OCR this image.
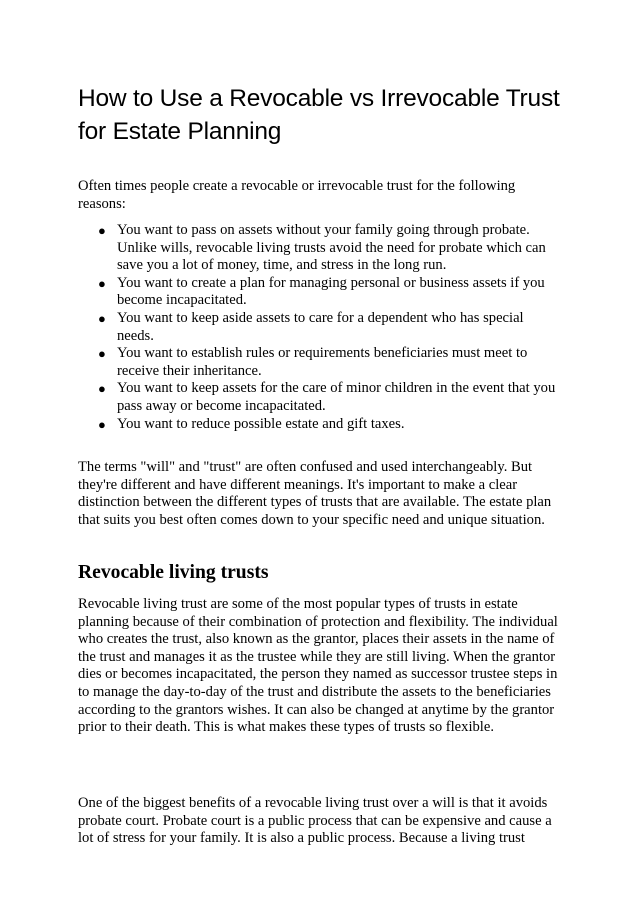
How to Use a Revocable vs Irrevocable Trust for Estate Planning

Often times people create a revocable or irrevocable trust for the following reasons:

● You want to pass on assets without your family going through probate. Unlike wills, revocable living trusts avoid the need for probate which can save you a lot of money, time, and stress in the long run.
● You want to create a plan for managing personal or business assets if you become incapacitated.
● You want to keep aside assets to care for a dependent who has special needs.
● You want to establish rules or requirements beneficiaries must meet to receive their inheritance.
● You want to keep assets for the care of minor children in the event that you pass away or become incapacitated.
● You want to reduce possible estate and gift taxes.

The terms "will" and "trust" are often confused and used interchangeably. But they're different and have different meanings. It's important to make a clear distinction between the different types of trusts that are available. The estate plan that suits you best often comes down to your specific need and unique situation.

Revocable living trusts

Revocable living trust are some of the most popular types of trusts in estate planning because of their combination of protection and flexibility. The individual who creates the trust, also known as the grantor, places their assets in the name of the trust and manages it as the trustee while they are still living. When the grantor dies or becomes incapacitated, the person they named as successor trustee steps in to manage the day-to-day of the trust and distribute the assets to the beneficiaries according to the grantors wishes. It can also be changed at anytime by the grantor prior to their death. This is what makes these types of trusts so flexible.

One of the biggest benefits of a revocable living trust over a will is that it avoids probate court. Probate court is a public process that can be expensive and cause a lot of stress for your family. It is also a public process. Because a living trust
